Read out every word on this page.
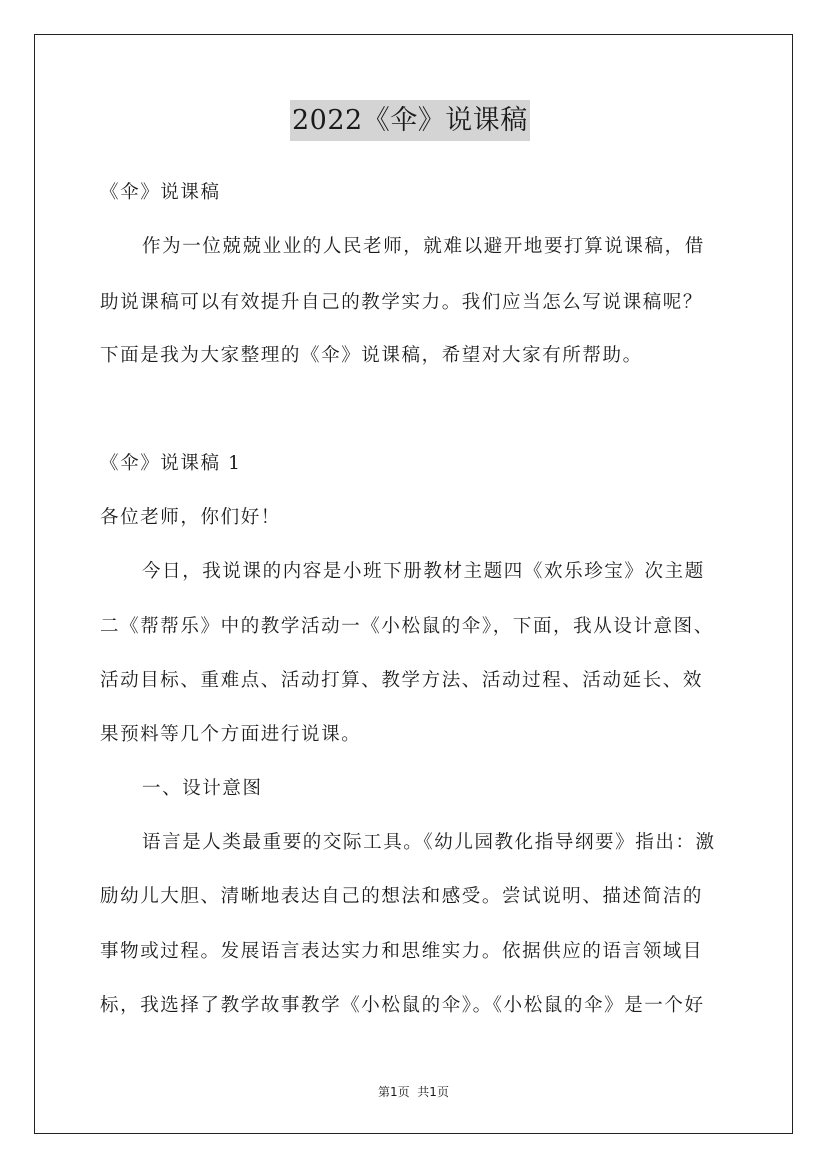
2022《伞》说课稿
《伞》说课稿
作为一位兢兢业业的人民老师，就难以避开地要打算说课稿，借
助说课稿可以有效提升自己的教学实力。我们应当怎么写说课稿呢？
下面是我为大家整理的《伞》说课稿，希望对大家有所帮助。
《伞》说课稿 1
各位老师，你们好！
今日，我说课的内容是小班下册教材主题四《欢乐珍宝》次主题
二《帮帮乐》中的教学活动一《小松鼠的伞》，下面，我从设计意图、
活动目标、重难点、活动打算、教学方法、活动过程、活动延长、效
果预料等几个方面进行说课。
一、设计意图
语言是人类最重要的交际工具。《幼儿园教化指导纲要》指出：激
励幼儿大胆、清晰地表达自己的想法和感受。尝试说明、描述简洁的
事物或过程。发展语言表达实力和思维实力。依据供应的语言领域目
标，我选择了教学故事教学《小松鼠的伞》。《小松鼠的伞》是一个好
第1页  共1页
